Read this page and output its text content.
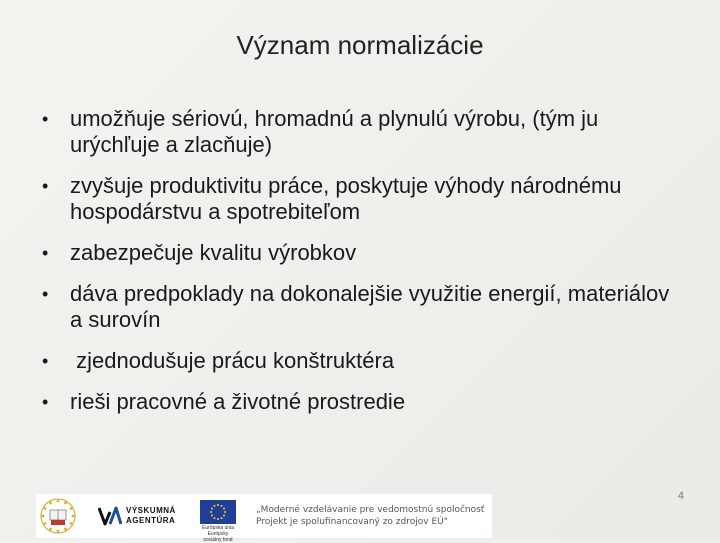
Význam normalizácie
• umožňuje sériovú, hromadnú a plynulú výrobu, (tým ju urýchľuje a zlacňuje)
• zvyšuje produktivitu práce, poskytuje výhody národnému hospodárstvu a spotrebiteľom
• zabezpečuje kvalitu výrobkov
• dáva predpoklady na dokonalejšie využitie energií, materiálov a surovín
• zjednodušuje prácu konštruktéra
• rieši pracovné a životné prostredie
4
VÝSKUMNÁ
AGENTÚRA
Európska únia
Európsky sociálny fond
„Moderné vzdelávanie pre vedomostnú spoločnosť
Projekt je spolufinancovaný zo zdrojov EÚ"
